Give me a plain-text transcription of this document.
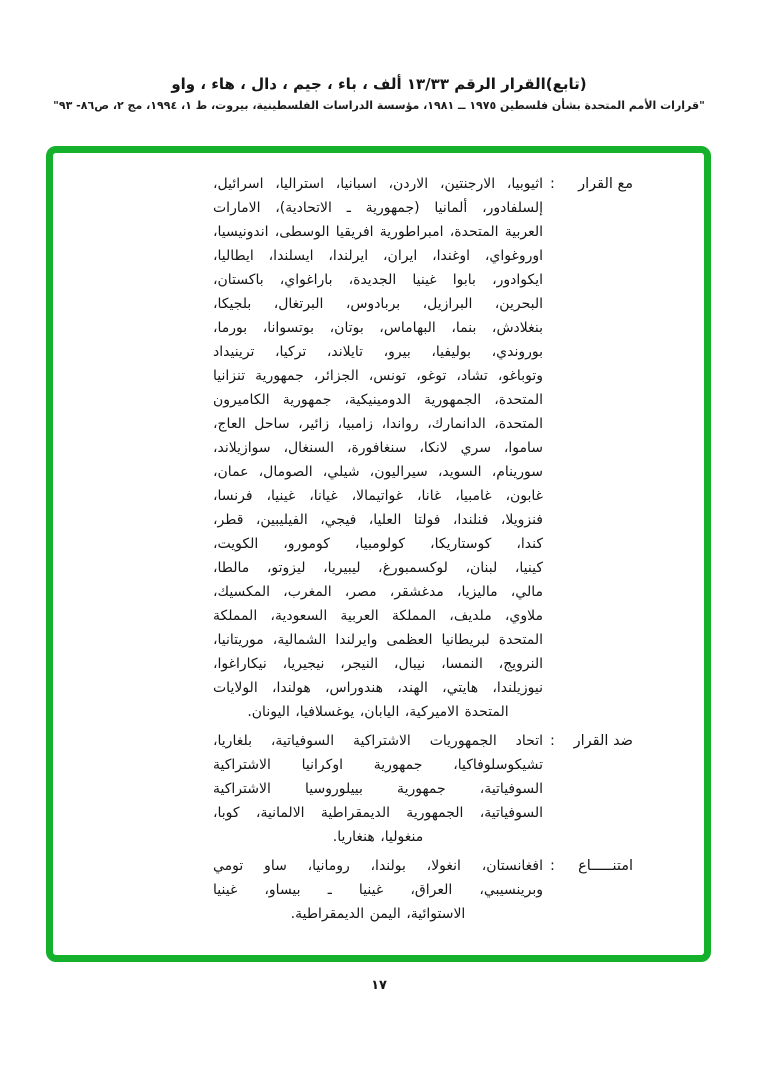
(تابع)القرار الرقم ١٣/٣٣ ألف ، باء ، جيم ، دال ، هاء ، واو
"قرارات الأمم المتحدة بشأن فلسطين ١٩٧٥ ــ ١٩٨١، مؤسسة الدراسات الفلسطينية، بيروت، ط ١، ١٩٩٤، مج ٢، ص٨٦- ٩٣"
مع القرار
:
اثيوبيا، الارجنتين، الاردن، اسبانيا، استراليا، اسرائيل،
إلسلفادور، ألمانيا (جمهورية ـ الاتحادية)، الامارات
العربية المتحدة، امبراطورية افريقيا الوسطى، اندونيسيا،
اوروغواي، اوغندا، ايران، ايرلندا، ايسلندا، ايطاليا،
ايكوادور، بابوا غينيا الجديدة، باراغواي، باكستان،
البحرين، البرازيل، بربادوس، البرتغال، بلجيكا،
بنغلادش، بنما، البهاماس، بوتان، بوتسوانا، بورما،
بوروندي، بوليفيا، بيرو، تايلاند، تركيا، ترينيداد
وتوباغو، تشاد، توغو، تونس، الجزائر، جمهورية تنزانيا
المتحدة، الجمهورية الدومينيكية، جمهورية الكاميرون
المتحدة، الدانمارك، رواندا، زامبيا، زائير، ساحل العاج،
ساموا، سري لانكا، سنغافورة، السنغال، سوازيلاند،
سورينام، السويد، سيراليون، شيلي، الصومال، عمان،
غابون، غامبيا، غانا، غواتيمالا، غيانا، غينيا، فرنسا،
فنزويلا، فنلندا، فولتا العليا، فيجي، الفيليبين، قطر،
كندا، كوستاريكا، كولومبيا، كومورو، الكويت،
كينيا، لبنان، لوكسمبورغ، ليبيريا، ليزوتو، مالطا،
مالي، ماليزيا، مدغشقر، مصر، المغرب، المكسيك،
ملاوي، ملديف، المملكة العربية السعودية، المملكة
المتحدة لبريطانيا العظمى وايرلندا الشمالية، موريتانيا،
النرويج، النمسا، نيبال، النيجر، نيجيريا، نيكاراغوا،
نيوزيلندا، هايتي، الهند، هندوراس، هولندا، الولايات
المتحدة الاميركية، اليابان، يوغسلافيا، اليونان.
ضد القرار
:
اتحاد الجمهوريات الاشتراكية السوفياتية، بلغاريا،
تشيكوسلوفاكيا، جمهورية اوكرانيا الاشتراكية
السوفياتية، جمهورية بييلوروسيا الاشتراكية
السوفياتية، الجمهورية الديمقراطية الالمانية، كوبا،
منغوليا، هنغاريا.
امتنـــــاع
:
افغانستان، انغولا، بولندا، رومانيا، ساو تومي
وبرينسيبي، العراق، غينيا ـ بيساو، غينيا
الاستوائية، اليمن الديمقراطية.
١٧
